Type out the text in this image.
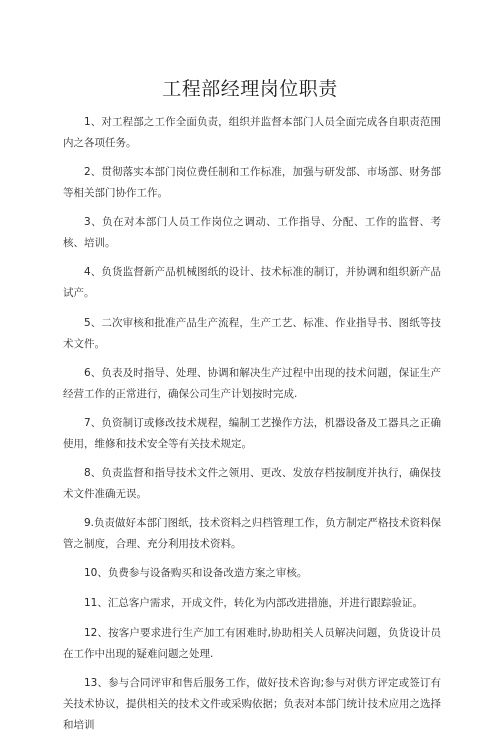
工程部经理岗位职责
1、对工程部之工作全面负责，组织并监督本部门人员全面完成各自职责范围内之各项任务。
2、贯彻落实本部门岗位费任制和工作标准，加强与研发部、市场部、财务部等相关部门协作工作。
3、负在对本部门人员工作岗位之调动、工作指导、分配、工作的监督、考核、培训。
4、负货监督新产品机械图纸的设计、技术标准的制订，并协调和组织新产品试产。
5、二次审核和批准产品生产流程，生产工艺、标准、作业指导书、图纸等技术文件。
6、负表及时指导、处理、协调和解决生产过程中出现的技术问题，保证生产经营工作的正常进行，确保公司生产计划按时完成.
7、负资制订或修改技术规程，编制工艺操作方法，机器设备及工器具之正确使用，维修和技术安全等有关技术规定。
8、负责监督和指导技术文件之领用、更改、发放存档按制度并执行，确保技术文件准确无误。
9.负责做好本部门图纸，技术资料之归档管理工作，负方制定严格技术资料保管之制度，合理、充分利用技术资料。
10、负费参与设备购买和设备改造方案之审核。
11、汇总客户需求，开成文件，转化为内部改进措施，并进行跟踪验证。
12、按客户要求进行生产加工有困难时,协助相关人员解决问题，负货设计员在工作中出现的疑难问题之处理.
13、参与合同评审和售后服务工作，做好技术咨询;参与对供方评定或签订有关技术协议，提供相关的技术文件或采购依据；负表对本部门统计技术应用之选择和培训
